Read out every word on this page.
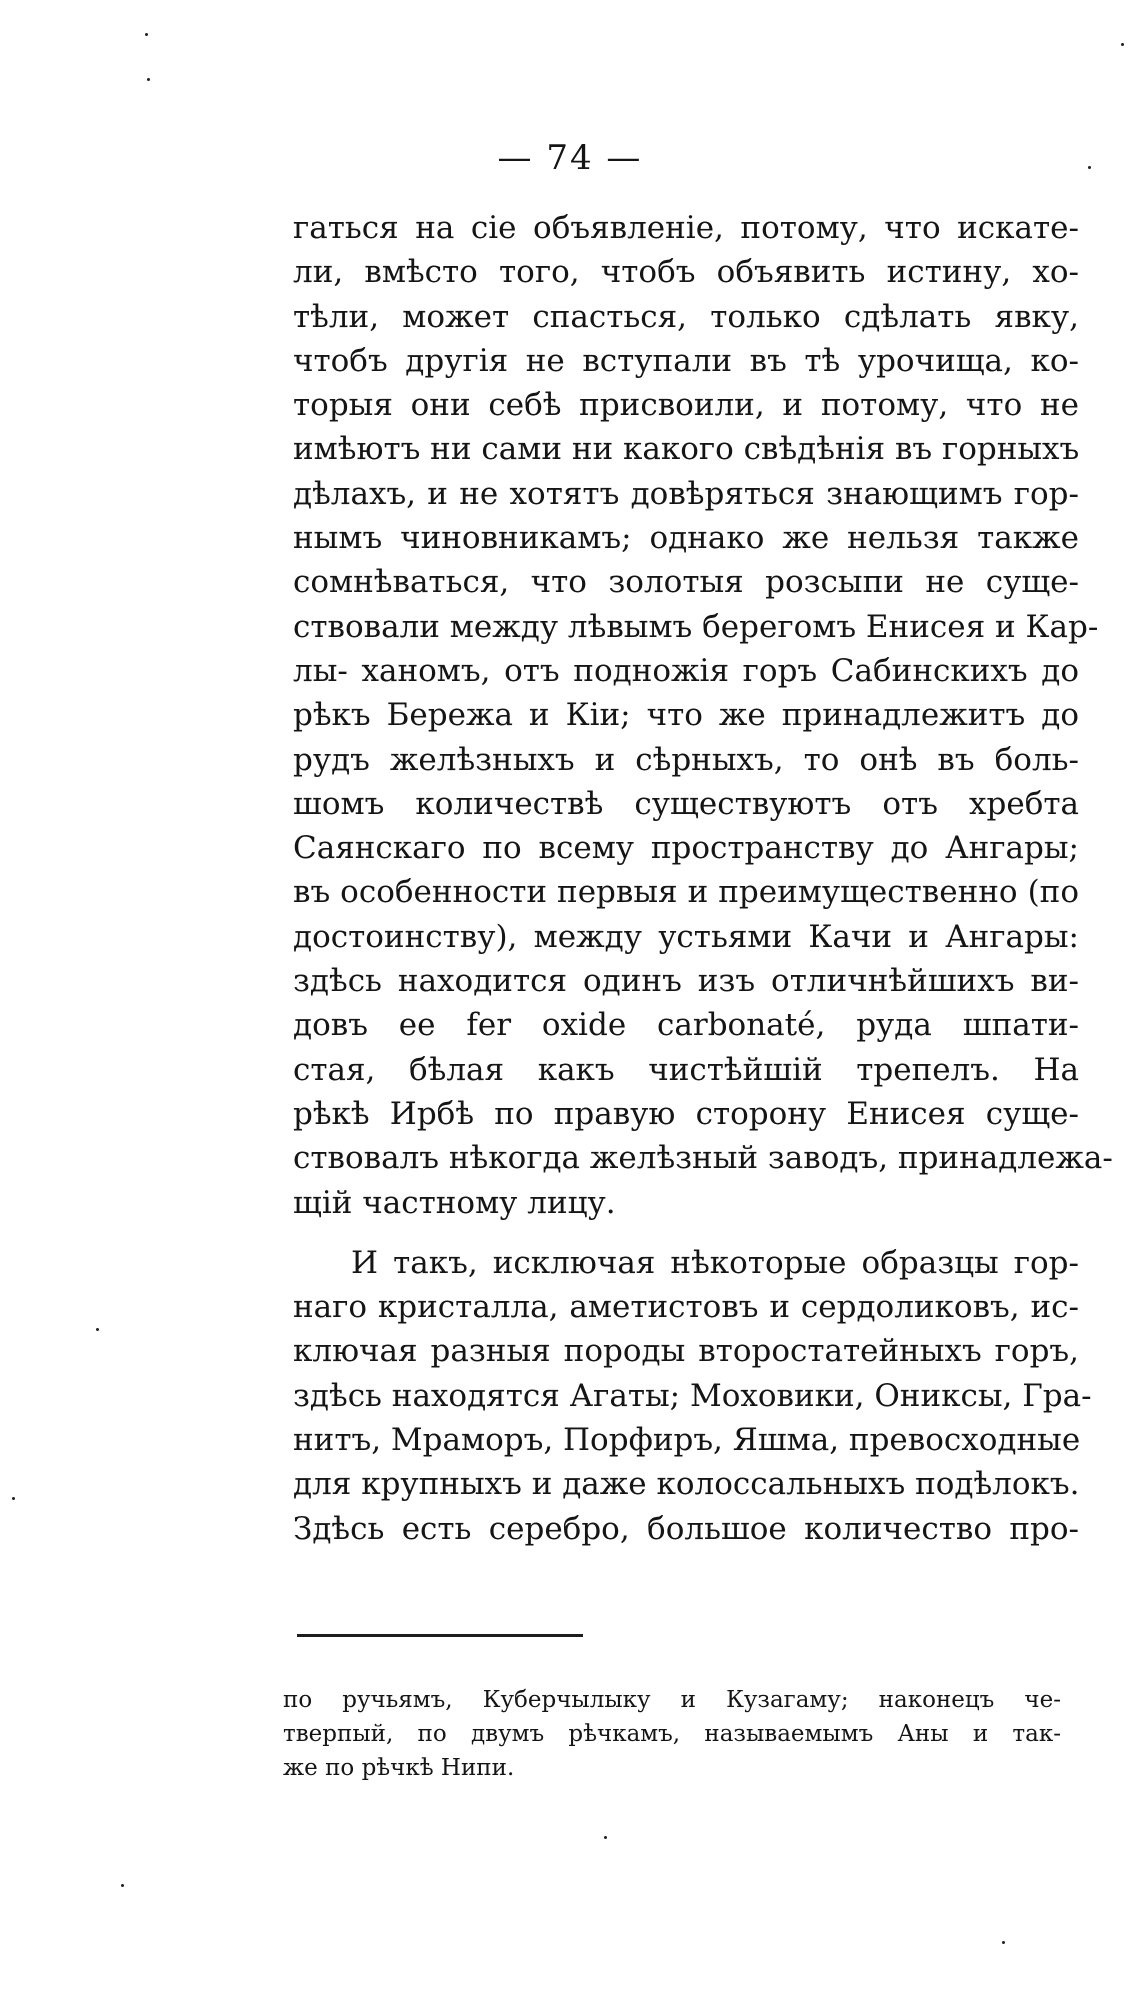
— 74 —
гаться на сіе объявленіе, потому, что искате-
ли, вмѣсто того, чтобъ объявить истину, хо-
тѣли, может спасться, только сдѣлать явку,
чтобъ другія не вступали въ тѣ урочища, ко-
торыя они себѣ присвоили, и потому, что не
имѣютъ ни сами ни какого свѣдѣнія въ горныхъ
дѣлахъ, и не хотятъ довѣряться знающимъ гор-
нымъ чиновникамъ; однако же нельзя также
сомнѣваться, что золотыя розсыпи не суще-
ствовали между лѣвымъ берегомъ Енисея и Кар-
лы- ханомъ, отъ подножія горъ Сабинскихъ до
рѣкъ Бережа и Кіи; что же принадлежитъ до
рудъ желѣзныхъ и сѣрныхъ, то онѣ въ боль-
шомъ количествѣ существуютъ отъ хребта
Саянскаго по всему пространству до Ангары;
въ особенности первыя и преимущественно (по
достоинству), между устьями Качи и Ангары:
здѣсь находится одинъ изъ отличнѣйшихъ ви-
довъ ее fer oxide carbonaté, руда шпати-
стая, бѣлая какъ чистѣйшій трепелъ. На
рѣкѣ Ирбѣ по правую сторону Енисея суще-
ствовалъ нѣкогда желѣзный заводъ, принадлежа-
щій частному лицу.
И такъ, исключая нѣкоторые образцы гор-
наго кристалла, аметистовъ и сердоликовъ, ис-
ключая разныя породы второстатейныхъ горъ,
здѣсь находятся Агаты; Моховики, Ониксы, Гра-
нитъ, Мраморъ, Порфиръ, Яшма, превосходные
для крупныхъ и даже колоссальныхъ подѣлокъ.
Здѣсь есть серебро, большое количество про-
по ручьямъ, Куберчылыку и Кузагаму; наконецъ че-
тверпый, по двумъ рѣчкамъ, называемымъ Аны и так-
же по рѣчкѣ Нипи.
